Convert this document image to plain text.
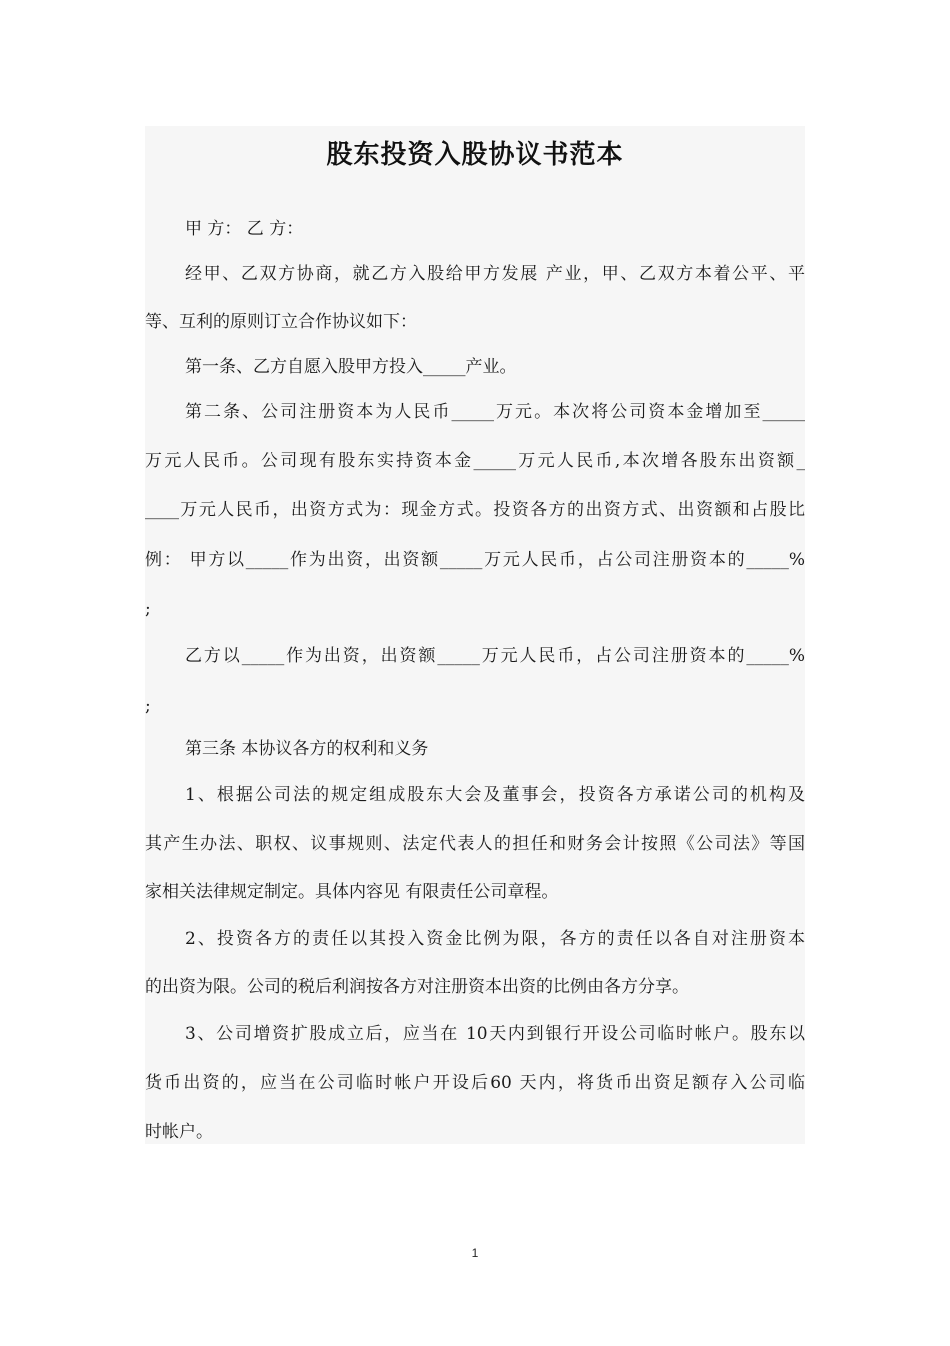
股东投资入股协议书范本
甲 方： 乙 方：
经甲、乙双方协商，就乙方入股给甲方发展 产业，甲、乙双方本着公平、平
等、互利的原则订立合作协议如下：
第一条、乙方自愿入股甲方投入_____产业。
第二条、公司注册资本为人民币_____万元。本次将公司资本金增加至_____
万元人民币。公司现有股东实持资本金_____万元人民币,本次增各股东出资额_
____万元人民币，出资方式为：现金方式。投资各方的出资方式、出资额和占股比
例： 甲方以_____作为出资，出资额_____万元人民币，占公司注册资本的_____%
;
乙方以_____作为出资，出资额_____万元人民币，占公司注册资本的_____%
;
第三条 本协议各方的权利和义务
1、根据公司法的规定组成股东大会及董事会，投资各方承诺公司的机构及
其产生办法、职权、议事规则、法定代表人的担任和财务会计按照《公司法》等国
家相关法律规定制定。具体内容见 有限责任公司章程。
2、投资各方的责任以其投入资金比例为限，各方的责任以各自对注册资本
的出资为限。公司的税后利润按各方对注册资本出资的比例由各方分享。
3、公司增资扩股成立后，应当在 10天内到银行开设公司临时帐户。股东以
货币出资的，应当在公司临时帐户开设后60 天内，将货币出资足额存入公司临
时帐户。
1
